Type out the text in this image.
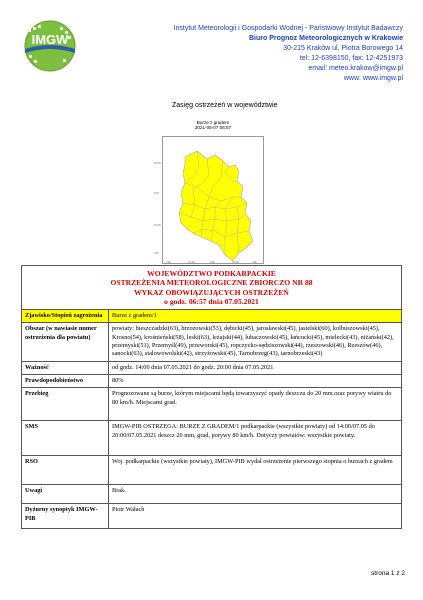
IMGW
Instytut Meteorologii i Gospodarki Wodnej - Państwowy Instytut Badawczy
Biuro Prognoz Meteorologicznych w Krakowie
30-215 Kraków ul. Piotra Borowego 14
tel: 12-6398150, fax: 12-4251973
email: meteo.krakow@imgw.pl
www: www.imgw.pl
Zasięg ostrzeżeń w województwie
Burze z gradem
2021-05-07 06:57
50.5N
50N
49.5N
49N
21E	21.5E	22E	22.5E	23E
WOJEWÓDZTWO PODKARPACKIE
OSTRZEŻENIA METEOROLOGICZNE ZBIORCZO NR 88
WYKAZ OBOWIĄZUJĄCYCH OSTRZEŻEŃ
o godz. 06:57 dnia 07.05.2021	

Zjawisko/Stopień zagrożenia	Burze z gradem/1
Obszar (w nawiasie numer ostrzeżenia dla powiatu)	powiaty: bieszczadzki(63), brzozowski(53), dębicki(45), jarosławski(45), jasielski(60), kolbuszowski(45), Krosno(54), krośnieński(58), leski(63), leżajski(44), lubaczowski(45), łańcucki(45), mielecki(43), niżański(42), przemyski(51), Przemyśl(49), przeworski(45), ropczycko-sędziszowski(44), rzeszowski(46), Rzeszów(46), sanocki(63), stalowowolski(42), strzyżowski(45), Tarnobrzeg(43), tarnobrzeski(43)
Ważność	od godz. 14:00 dnia 07.05.2021 do godz. 20:00 dnia 07.05.2021
Prawdopodobieństwo	80%
Przebieg	Prognozowane są burze, którym miejscami będą towarzyszyć opady deszczu do 20 mm oraz porywy wiatru do 80 km/h. Miejscami grad.
SMS	IMGW-PIB OSTRZEGA: BURZE Z GRADEM/1 podkarpackie (wszystkie powiaty) od 14:00/07.05 do 20:00/07.05.2021 deszcz 20 mm, grad, porywy 80 km/h. Dotyczy powiatów: wszystkie powiaty.
RSO	Woj. podkarpackie (wszystkie powiaty), IMGW-PIB wydał ostrzeżenie pierwszego stopnia o burzach z gradem
Uwagi	Brak.
Dyżurny synoptyk IMGW-PIB	Piotr Wałach
strona 1 z 2
